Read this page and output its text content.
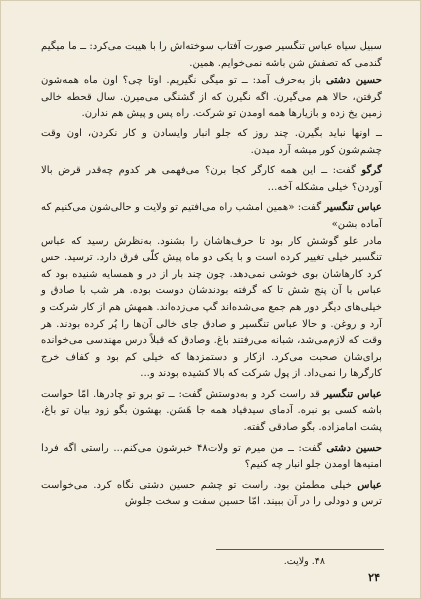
سبیل سیاه عباس تنگسیر صورت آفتاب سوخته‌اش را با هیبت می‌کرد: ــ ما میگیم گندمی که تصفش شن باشه نمی‌خوایم. همین.

حسین دشتی باز به‌حرف آمد: ــ تو میگی نگیریم. اوتا چی؟ اون ماه همه‌شون گرفتن، حالا هم می‌گیرن. اگه نگیرن که از گشنگی می‌میرن. سال قحطه خالی زمین یخ زده و بازیارها همه اومدن تو شرکت. راه پس و پیش هم ندارن.

ــ اونها نباید بگیرن. چند روز که جلو انبار وایسادن و کار نکردن، اون وقت چشم‌شون کور میشه آرد میدن.

گرگو گفت: ــ این همه کارگر کجا برن؟ می‌فهمی هر کدوم چه‌قدر قرض بالا آوردن؟ خیلی مشکله آخه...

عباس تنگسیر گفت: «همین امشب راه می‌افتیم تو ولایت و حالی‌شون می‌کنیم که آماده بشن»

مادر علو گوشش کار بود تا حرف‌هاشان را بشنود. به‌نظرش رسید که عباس تنگسیر خیلی تغییر کرده است و با یکی دو ماه پیش کلّی فرق دارد. ترسید. حس کرد کارهاشان بوی خوشی نمی‌دهد. چون چند بار از در و همسایه شنیده بود که عباس با آن پنج شش تا که گرفته بودندشان دوست بوده. هر شب با صادق و خیلی‌های دیگر دور هم جمع می‌شده‌اند گپ می‌زده‌اند. همهش هم از کار شرکت و آرد و روغن. و حالا عباس تنگسیر و صادق جای خالی آن‌ها را پُر کرده بودند. هر وقت که لازم‌می‌شد، شبانه می‌رفتند باغ. وصادق که قبلاً درس مهندسی می‌خوانده برای‌شان صحبت می‌کرد. ازکار و دستمزدها که خیلی کم بود و کفاف خرج کارگرها را نمی‌داد. از پول شرکت که بالا کشیده بودند و...

عباس تنگسیر قد راست کرد و به‌دوستش گفت: ــ تو برو تو چادرها. امّا حواست باشه کسی بو نبره. آدمای سیدفیاد همه جا هَسَن. بهشون بگو زود بیان تو باغ، پشت امامزاده. بگو صادقی گفته.

حسین دشتی گفت: ــ من میرم تو ولات۴۸ خبرشون می‌کنم... راستی اگه فردا امنیه‌ها اومدن جلو انبار چه کنیم؟

عباس خیلی مطمئن بود. راست تو چشم حسین دشتی نگاه کرد. می‌خواست ترس و دودلی را در آن ببیند. امّا حسین سفت و سخت جلوش

۴۸. ولایت.
۲۴
